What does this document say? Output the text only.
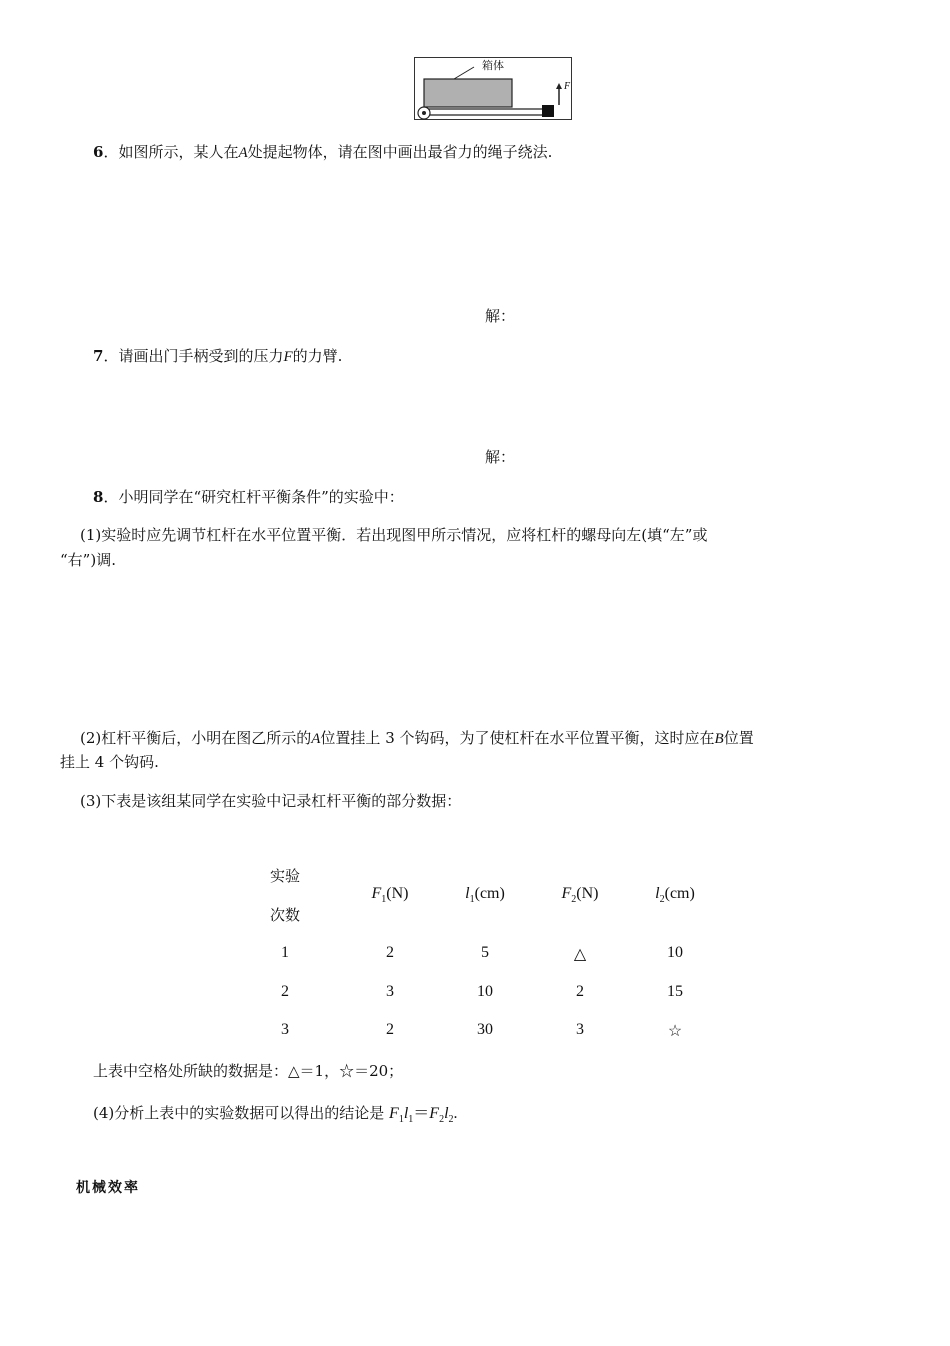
箱体
F
6．如图所示，某人在A处提起物体，请在图中画出最省力的绳子绕法.
解：
7．请画出门手柄受到的压力F的力臂.
解：
8．小明同学在“研究杠杆平衡条件”的实验中：
(1)实验时应先调节杠杆在水平位置平衡．若出现图甲所示情况，应将杠杆的螺母向左(填“左”或
“右”)调.
(2)杠杆平衡后，小明在图乙所示的A位置挂上 3 个钩码，为了使杠杆在水平位置平衡，这时应在B位置
挂上 4 个钩码.
(3)下表是该组某同学在实验中记录杠杆平衡的部分数据：
实验
次数
$F_1(N)$	$l_1(cm)$	$F_2(N)$	$l_2(cm)$
1	2	5	△	10
2	3	10	2	15
3	2	30	3	☆
上表中空格处所缺的数据是：△＝1，☆＝20；
(4)分析上表中的实验数据可以得出的结论是 $F_1l_1=F_2l_2$.
机械效率
